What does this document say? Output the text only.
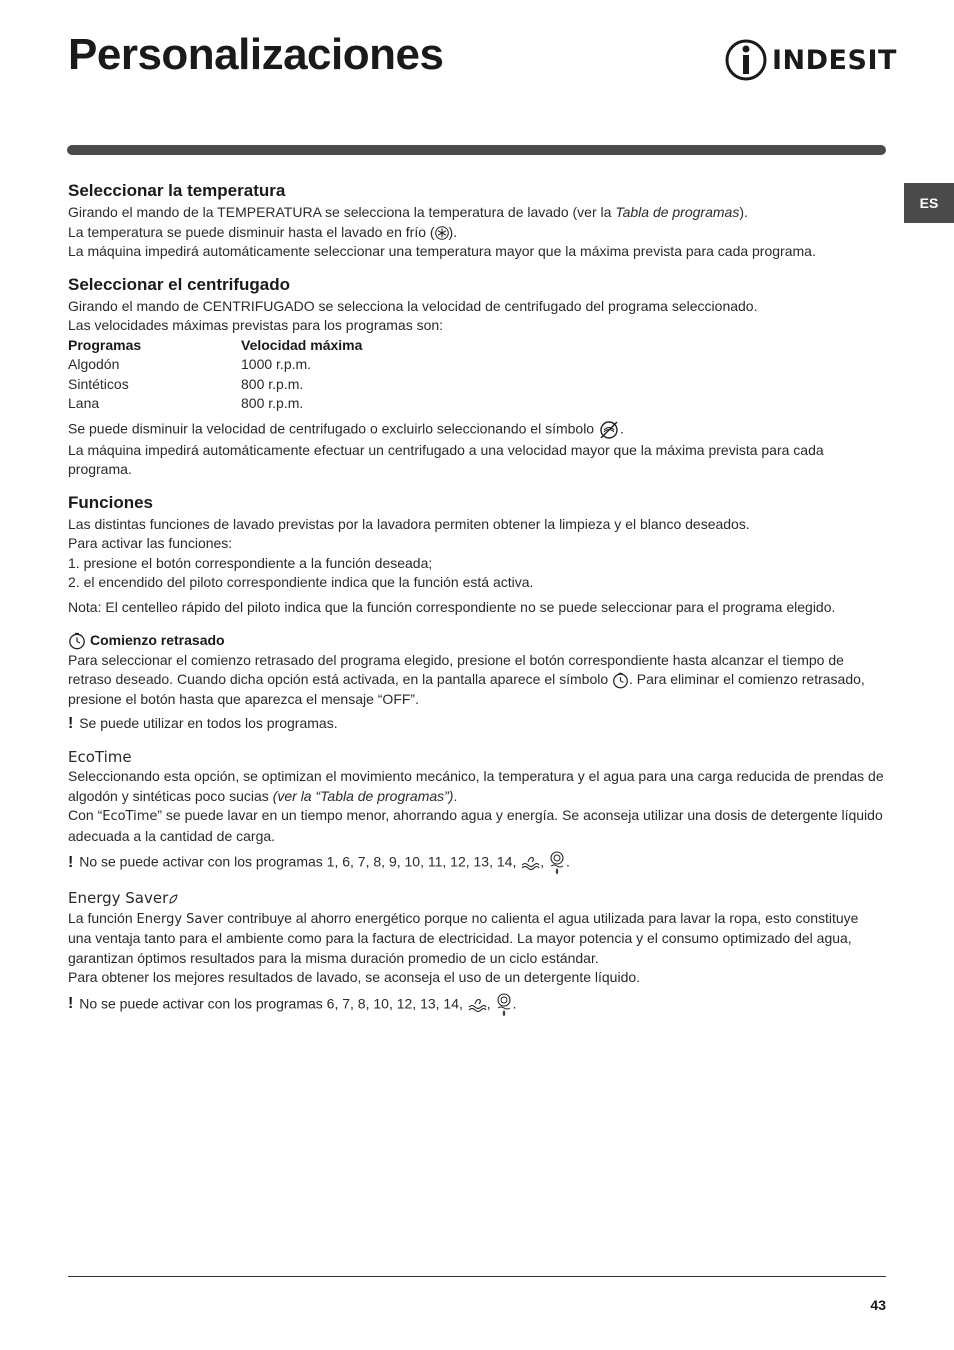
Personalizaciones	INDESIT
ES
Seleccionar la temperatura

Girando el mando de la TEMPERATURA se selecciona la temperatura de lavado (ver la Tabla de programas).

La temperatura se puede disminuir hasta el lavado en frío ( ).

La máquina impedirá automáticamente seleccionar una temperatura mayor que la máxima prevista para cada programa.

Seleccionar el centrifugado

Girando el mando de CENTRIFUGADO se selecciona la velocidad de centrifugado del programa seleccionado.

Las velocidades máximas previstas para los programas son:

Programas	Velocidad máxima
Algodón	1000 r.p.m.
Sintéticos	800 r.p.m.
Lana	800 r.p.m.

Se puede disminuir la velocidad de centrifugado o excluirlo seleccionando el símbolo .

La máquina impedirá automáticamente efectuar un centrifugado a una velocidad mayor que la máxima prevista para cada programa.

Funciones

Las distintas funciones de lavado previstas por la lavadora permiten obtener la limpieza y el blanco deseados.

Para activar las funciones:

1. presione el botón correspondiente a la función deseada;

2. el encendido del piloto correspondiente indica que la función está activa.

Nota: El centelleo rápido del piloto indica que la función correspondiente no se puede seleccionar para el programa elegido.

Comienzo retrasado

Para seleccionar el comienzo retrasado del programa elegido, presione el botón correspondiente hasta alcanzar el tiempo de retraso deseado. Cuando dicha opción está activada, en la pantalla aparece el símbolo . Para eliminar el comienzo retrasado, presione el botón hasta que aparezca el mensaje “OFF”.

! Se puede utilizar en todos los programas.

EcoTime

Seleccionando esta opción, se optimizan el movimiento mecánico, la temperatura y el agua para una carga reducida de prendas de algodón y sintéticas poco sucias (ver la “Tabla de programas”).

Con “EcoTime” se puede lavar en un tiempo menor, ahorrando agua y energía. Se aconseja utilizar una dosis de detergente líquido adecuada a la cantidad de carga.

! No se puede activar con los programas 1, 6, 7, 8, 9, 10, 11, 12, 13, 14, , .

Energy Saver

La función Energy Saver contribuye al ahorro energético porque no calienta el agua utilizada para lavar la ropa, esto constituye una ventaja tanto para el ambiente como para la factura de electricidad. La mayor potencia y el consumo optimizado del agua, garantizan óptimos resultados para la misma duración promedio de un ciclo estándar.

Para obtener los mejores resultados de lavado, se aconseja el uso de un detergente líquido.

! No se puede activar con los programas 6, 7, 8, 10, 12, 13, 14, , .

43
